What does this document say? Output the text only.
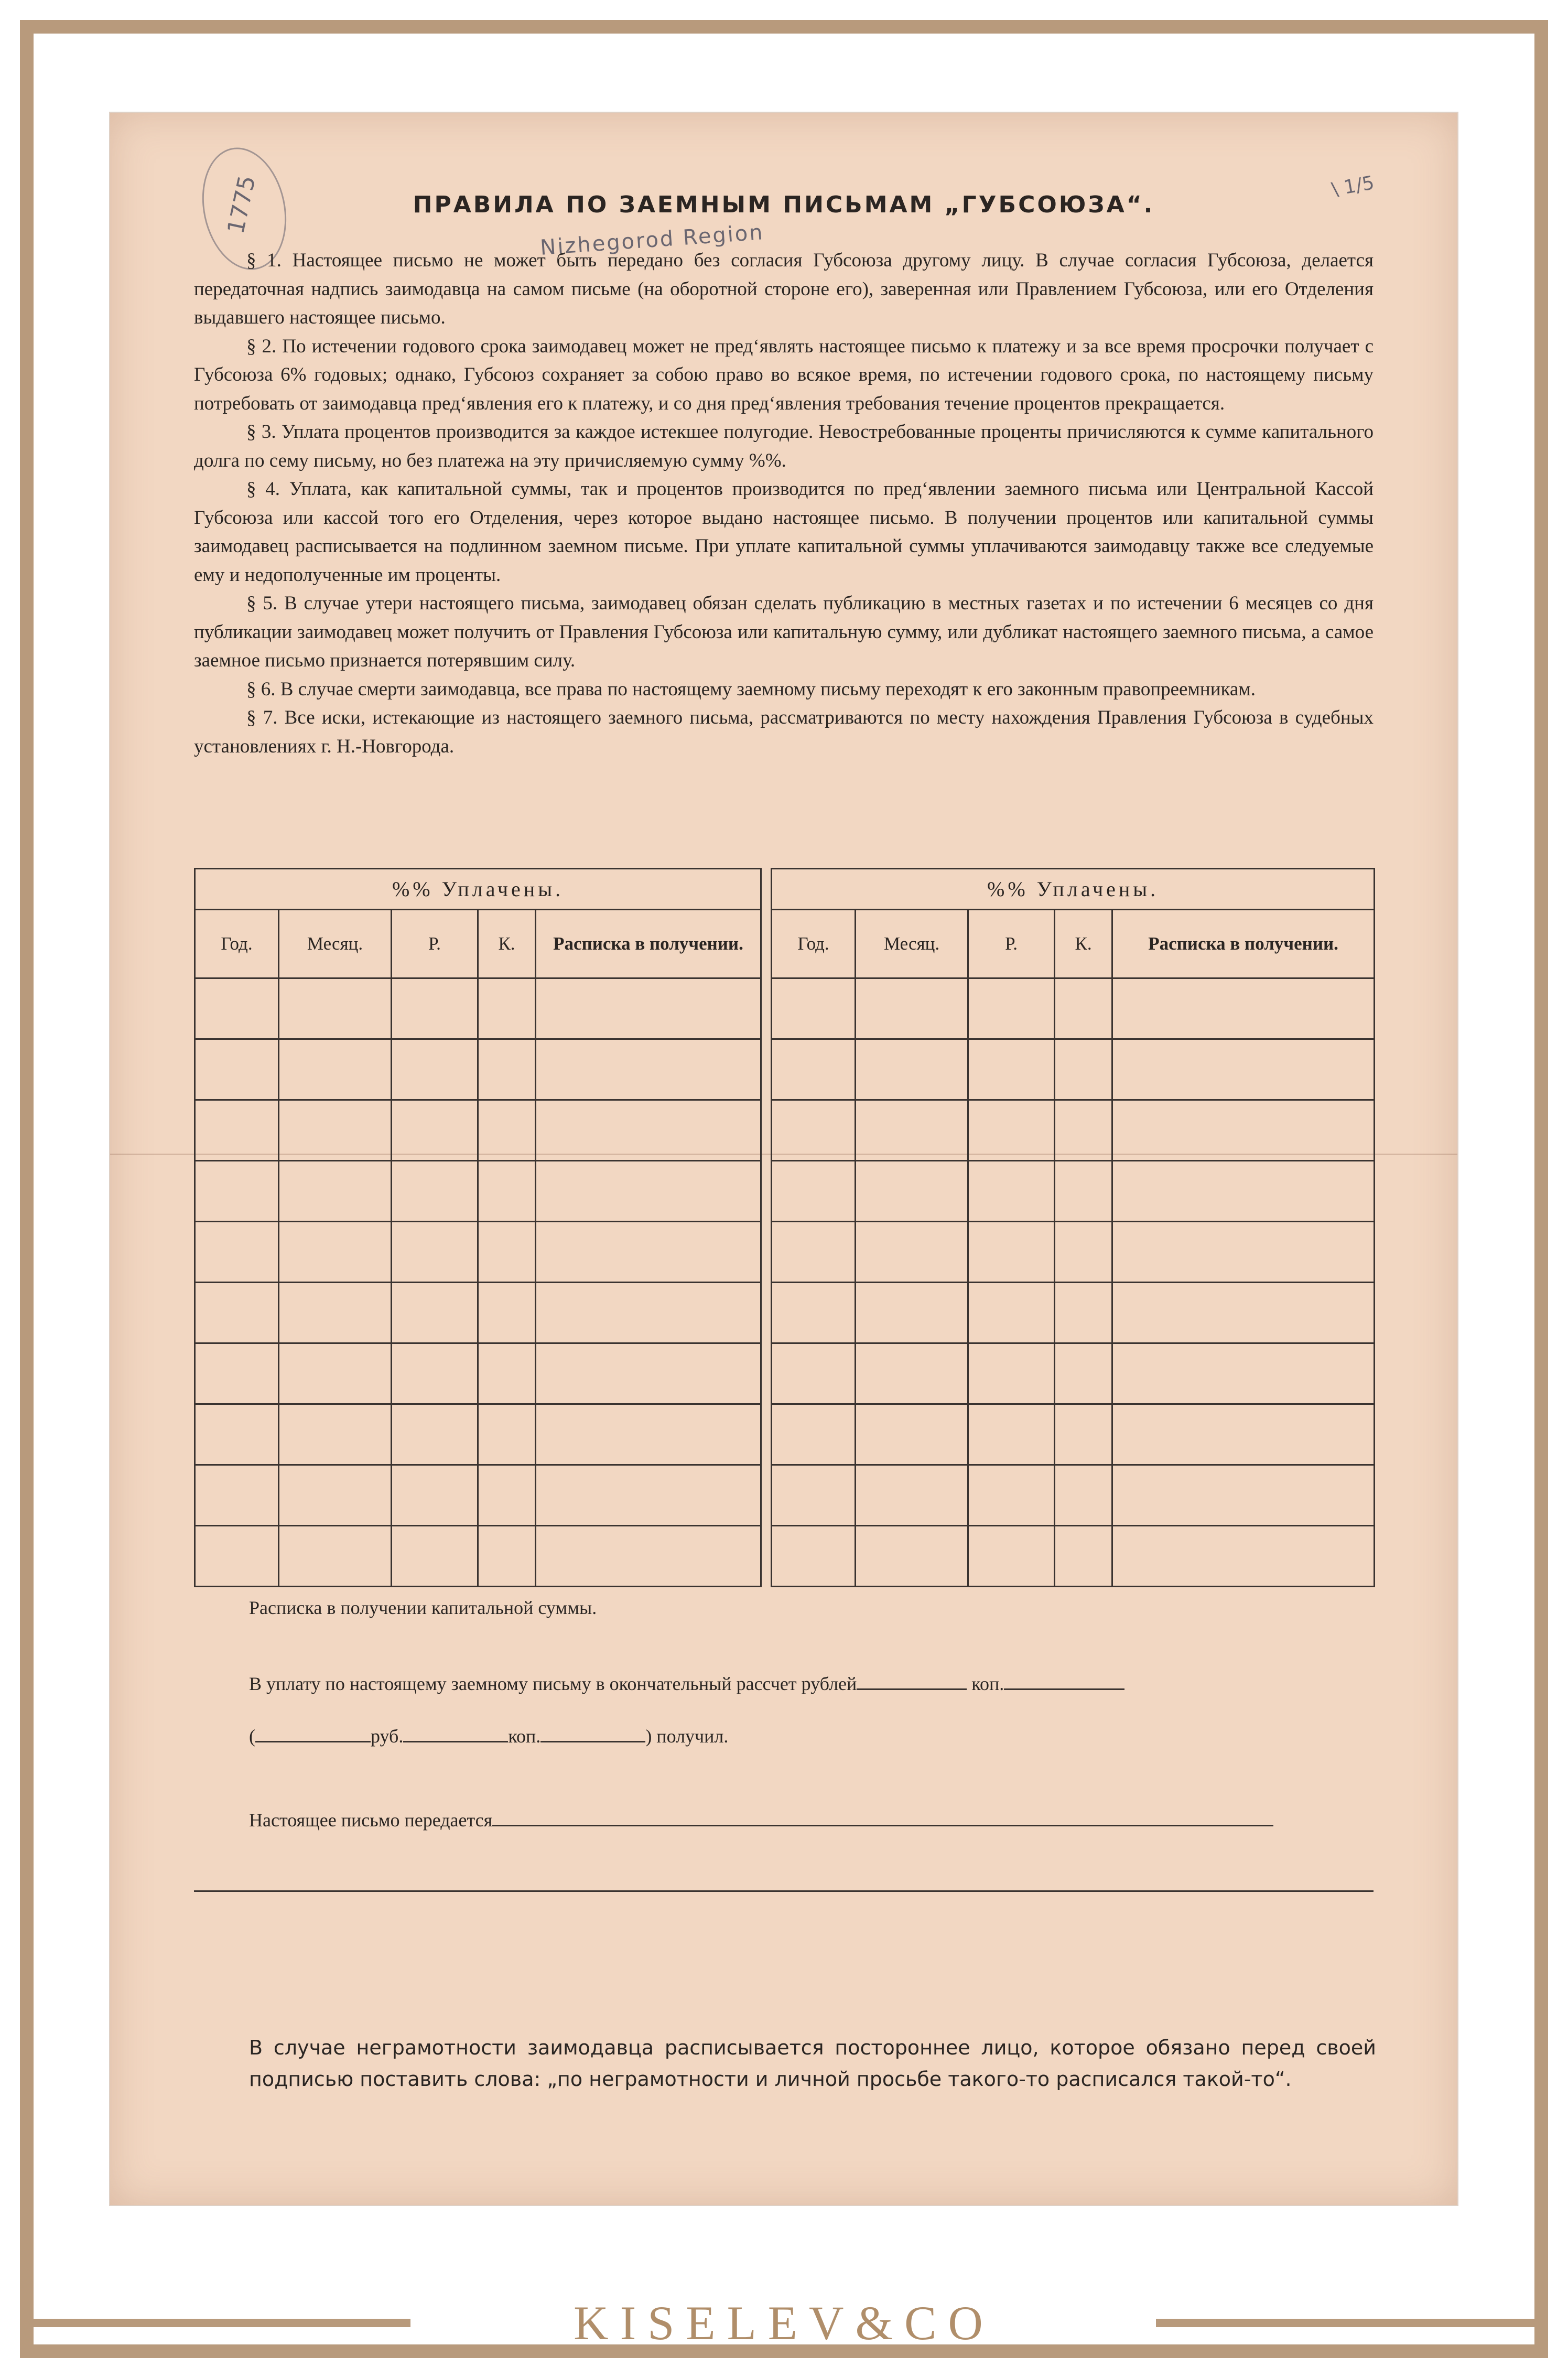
1775
Nizhegorod Region
\ 1/5
ПРАВИЛА ПО ЗАЕМНЫМ ПИСЬМАМ „ГУБСОЮЗА“.

§ 1. Настоящее письмо не может быть передано без согласия Губсоюза другому лицу. В случае согласия Губсоюза, делается передаточная надпись заимодавца на самом письме (на оборотной стороне его), заверенная или Правлением Губсоюза, или его Отделения выдавшего настоящее письмо.

§ 2. По истечении годового срока заимодавец может не пред‘являть настоящее письмо к платежу и за все время просрочки получает с Губсоюза 6% годовых; однако, Губсоюз сохраняет за собою право во всякое время, по истечении годового срока, по настоящему письму потребовать от заимодавца пред‘явления его к платежу, и со дня пред‘явления требования течение процентов прекращается.

§ 3. Уплата процентов производится за каждое истекшее полугодие. Невостребованные проценты причисляются к сумме капитального долга по сему письму, но без платежа на эту причисляемую сумму %%.

§ 4. Уплата, как капитальной суммы, так и процентов производится по пред‘явлении заемного письма или Центральной Кассой Губсоюза или кассой того его Отделения, через которое выдано настоящее письмо. В получении процентов или капитальной суммы заимодавец расписывается на подлинном заемном письме. При уплате капитальной суммы уплачиваются заимодавцу также все следуемые ему и недополученные им проценты.

§ 5. В случае утери настоящего письма, заимодавец обязан сделать публикацию в местных газетах и по истечении 6 месяцев со дня публикации заимодавец может получить от Правления Губсоюза или капитальную сумму, или дубликат настоящего заемного письма, а самое заемное письмо признается потерявшим силу.

§ 6. В случае смерти заимодавца, все права по настоящему заемному письму переходят к его законным правопреемникам.

§ 7. Все иски, истекающие из настоящего заемного письма, рассматриваются по месту нахождения Правления Губсоюза в судебных установлениях г. Н.-Новгорода.

%% Уплачены.						%% Уплачены.				
Год.	Месяц.	Р.	К.	Расписка в получении.		Год.	Месяц.	Р.	К.	Расписка в получении.

Расписка в получении капитальной суммы.
В уплату по настоящему заемному письму в окончательный рассчет рублей	коп.
(	руб.	коп.	) получил.
Настоящее письмо передается
В случае неграмотности заимодавца расписывается постороннее лицо, которое обязано перед своей подписью поставить слова: „по неграмотности и личной просьбе такого-то расписался такой-то“.
KISELEV&CO
